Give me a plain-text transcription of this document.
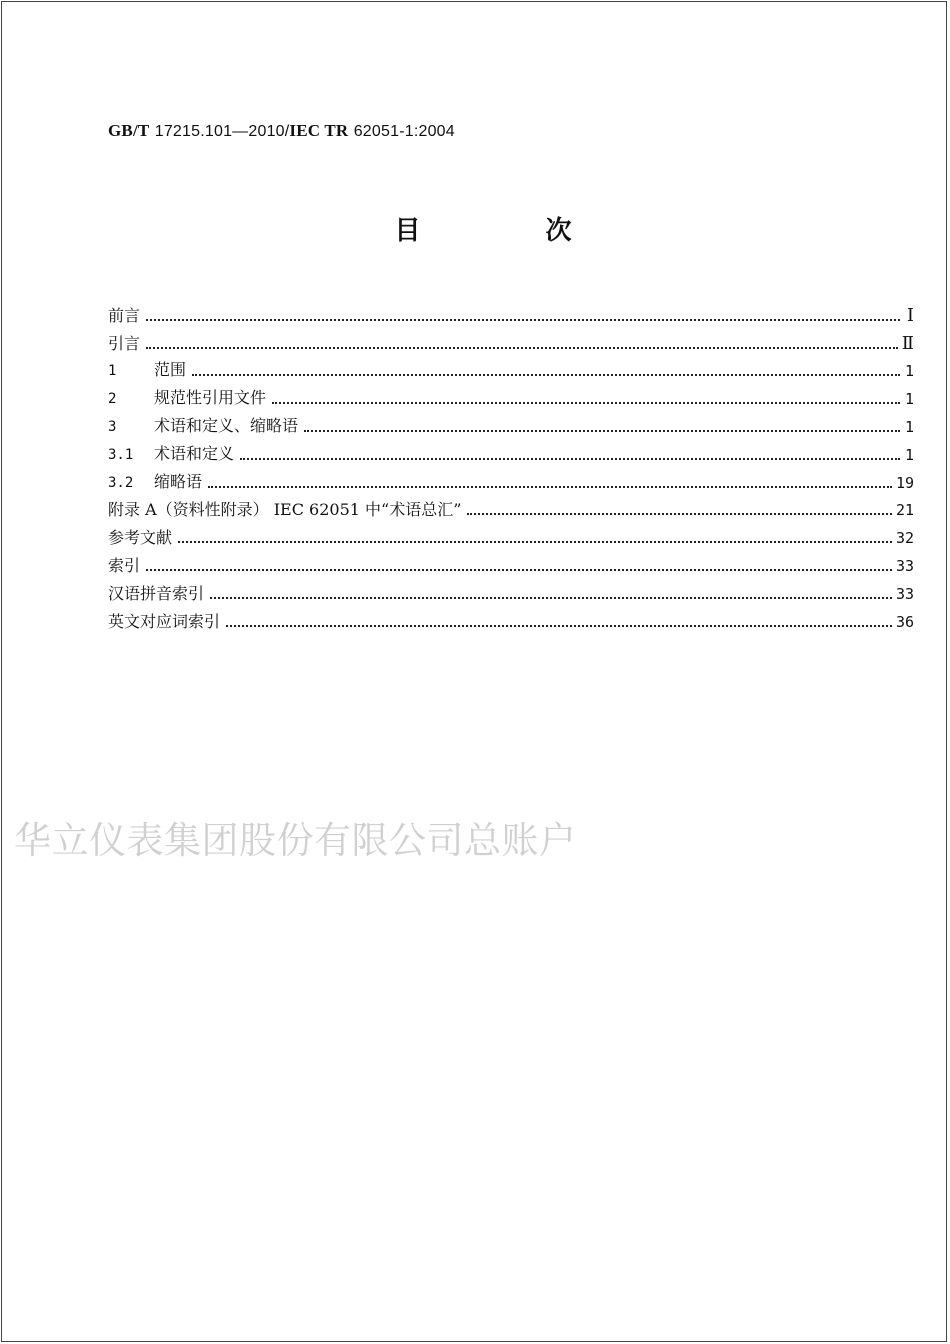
GB/T 17215.101—2010/IEC TR 62051-1:2004
目 次
前言	Ⅰ
引言	Ⅱ
1 范围	1
2 规范性引用文件	1
3 术语和定义、缩略语	1
3.1 术语和定义	1
3.2 缩略语	19
附录 A（资料性附录） IEC 62051 中“术语总汇”	21
参考文献	32
索引	33
汉语拼音索引	33
英文对应词索引	36
华立仪表集团股份有限公司总账户
